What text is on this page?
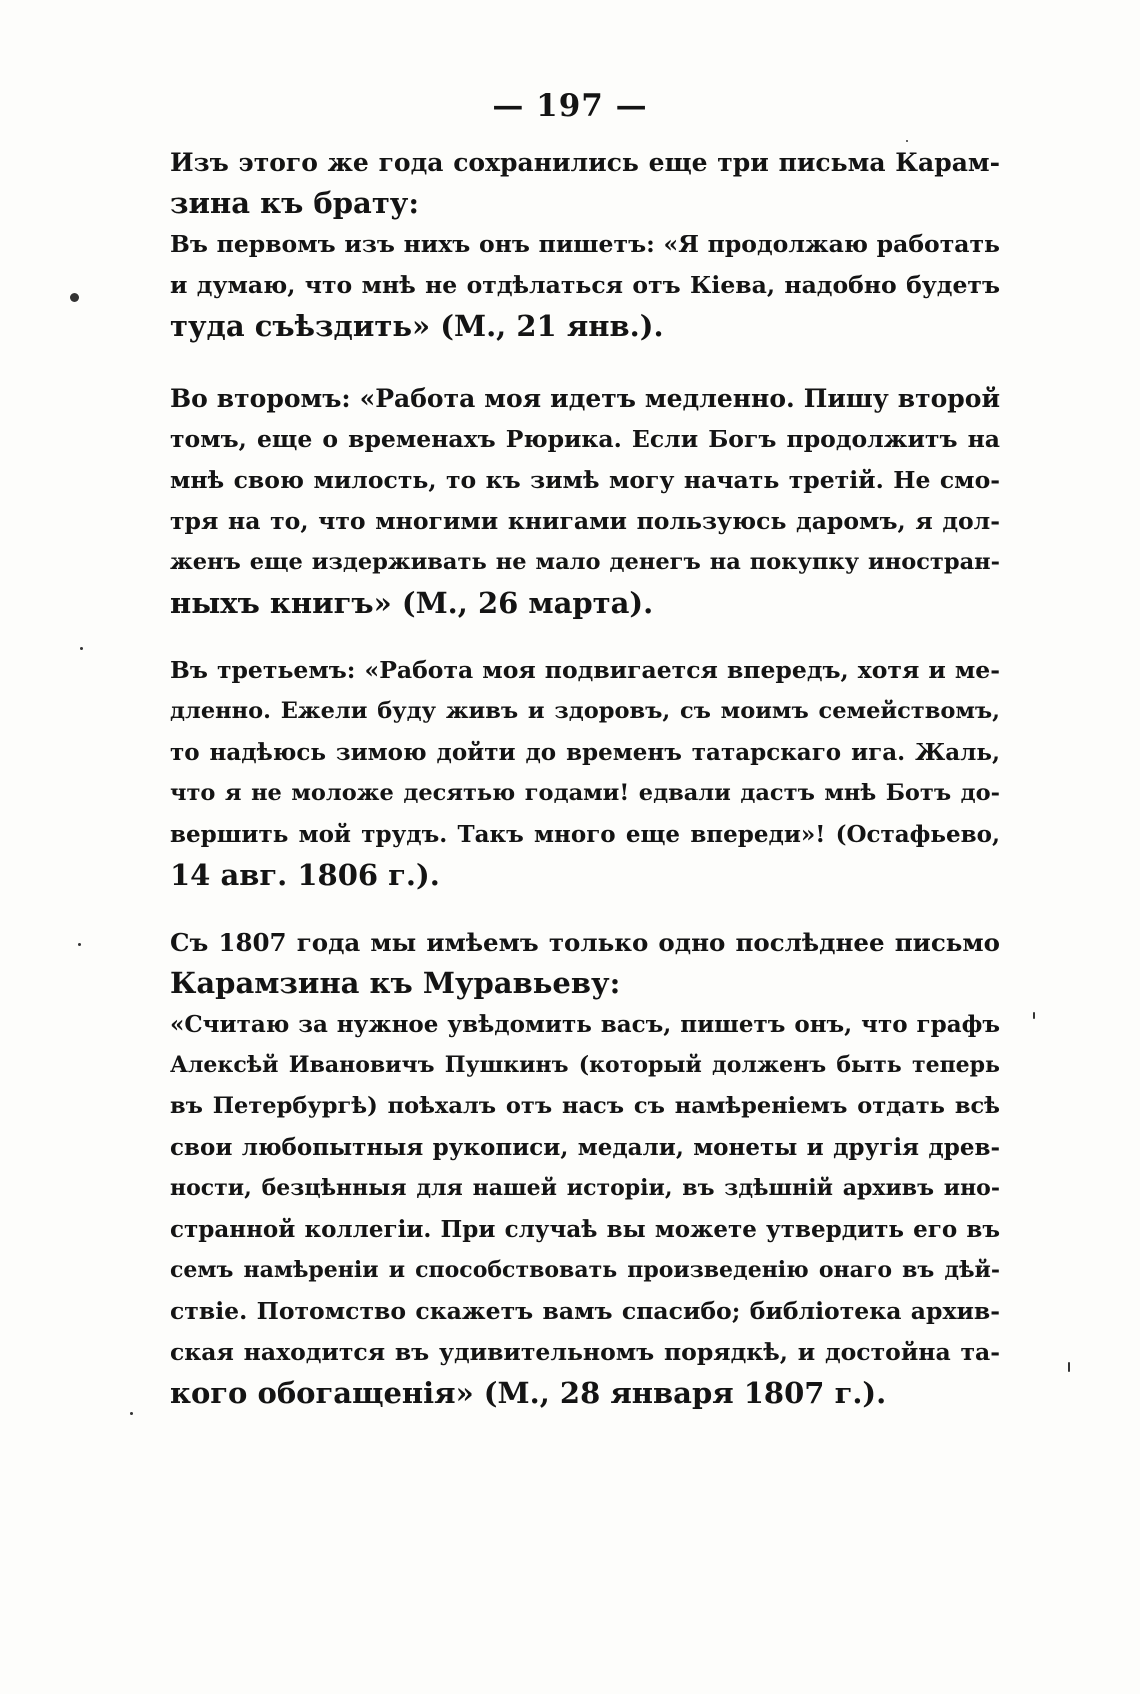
— 197 —
Изъ этого же года сохранились еще три письма Карам-
зина къ брату:
Въ первомъ изъ нихъ онъ пишетъ: «Я продолжаю работать
и думаю, что мнѣ не отдѣлаться отъ Кіева, надобно будетъ
туда съѣздить» (М., 21 янв.).
Во второмъ: «Работа моя идетъ медленно. Пишу второй
томъ, еще о временахъ Рюрика. Если Богъ продолжитъ на
мнѣ свою милость, то къ зимѣ могу начать третій. Не смо-
тря на то, что многими книгами пользуюсь даромъ, я дол-
женъ еще издерживать не мало денегъ на покупку иностран-
ныхъ книгъ» (М., 26 марта).
Въ третьемъ: «Работа моя подвигается впередъ, хотя и ме-
дленно. Ежели буду живъ и здоровъ, съ моимъ семействомъ,
то надѣюсь зимою дойти до временъ татарскаго ига. Жаль,
что я не моложе десятью годами! едвали дастъ мнѣ Ботъ до-
вершить мой трудъ. Такъ много еще впереди»! (Остафьево,
14 авг. 1806 г.).
Съ 1807 года мы имѣемъ только одно послѣднее письмо
Карамзина къ Муравьеву:
«Считаю за нужное увѣдомить васъ, пишетъ онъ, что графъ
Алексѣй Ивановичъ Пушкинъ (который долженъ быть теперь
въ Петербургѣ) поѣхалъ отъ насъ съ намѣреніемъ отдать всѣ
свои любопытныя рукописи, медали, монеты и другія древ-
ности, безцѣнныя для нашей исторіи, въ здѣшній архивъ ино-
странной коллегіи. При случаѣ вы можете утвердить его въ
семъ намѣреніи и способствовать произведенію онаго въ дѣй-
ствіе. Потомство скажетъ вамъ спасибо; библіотека архив-
ская находится въ удивительномъ порядкѣ, и достойна та-
кого обогащенія» (М., 28 января 1807 г.).
